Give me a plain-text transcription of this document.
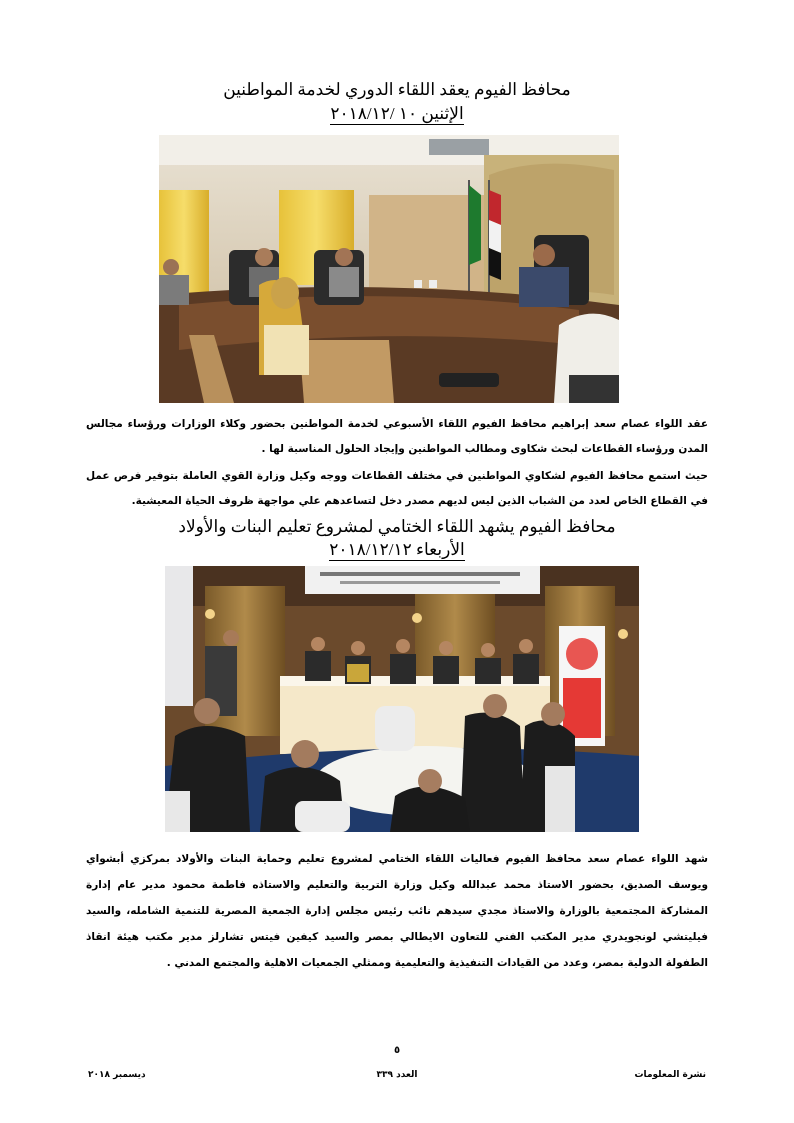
محافظ الفيوم يعقد اللقاء الدوري لخدمة المواطنين
الإثنين ١٠ /٢٠١٨/١٢
عقد اللواء عصام سعد إبراهيم محافظ الفيوم اللقاء الأسبوعي لخدمة المواطنين بحضور وكلاء الوزارات ورؤساء مجالس المدن ورؤساء القطاعات لبحث شكاوى ومطالب المواطنين وإيجاد الحلول المناسبة لها .
حيث استمع محافظ الفيوم لشكاوي المواطنين في مختلف القطاعات ووجه وكيل وزارة القوي العاملة بتوفير فرص عمل في القطاع الخاص لعدد من الشباب الذين ليس لديهم مصدر دخل لتساعدهم علي مواجهة ظروف الحياة المعيشية.
محافظ الفيوم يشهد اللقاء الختامي لمشروع تعليم البنات والأولاد
الأربعاء ٢٠١٨/١٢/١٢
شهد اللواء عصام سعد محافظ الفيوم فعاليات اللقاء الختامي لمشروع تعليم وحماية البنات والأولاد بمركزي أبشواي ويوسف الصديق، بحضور الاستاذ محمد عبدالله وكيل وزارة التربية والتعليم والاستاذه فاطمة محمود مدير عام إدارة المشاركة المجتمعية بالوزارة والاستاذ مجدي سيدهم نائب رئيس مجلس إدارة الجمعية المصرية للتنمية الشامله، والسيد فيليتشي لونجويدري مدير المكتب الفني للتعاون الايطالي بمصر والسيد كيفين فيتس تشارلز مدير مكتب هيئة انقاذ الطفولة الدولية بمصر، وعدد من القيادات التنفيذية والتعليمية وممثلي الجمعيات الاهلية والمجتمع المدني .
٥
نشرة المعلومات
العدد ٣٣٩
ديسمبر ٢٠١٨
